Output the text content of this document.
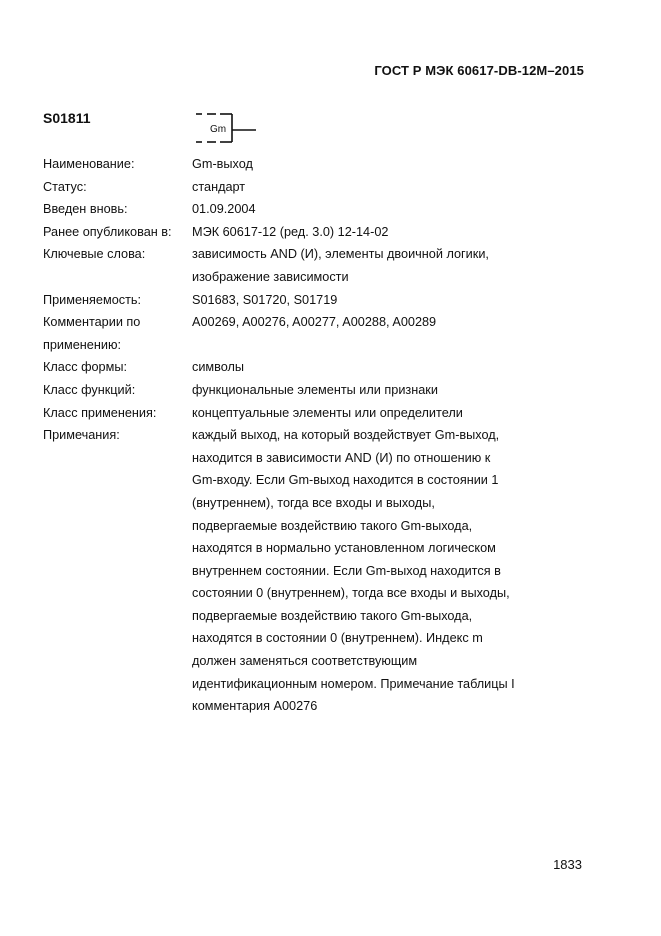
ГОСТ Р МЭК 60617-DB-12M–2015
S01811
Gm
Наименование:	Gm-выход
Статус:	стандарт
Введен вновь:	01.09.2004
Ранее опубликован в:	МЭК 60617-12 (ред. 3.0) 12-14-02
Ключевые слова:	зависимость AND (И), элементы двоичной логики,
изображение зависимости
Применяемость:	S01683, S01720, S01719
Комментарии по
применению:
A00269, A00276, A00277, A00288, A00289
Класс формы:	символы
Класс функций:	функциональные элементы или признаки
Класс применения:	концептуальные элементы или определители
Примечания:	каждый выход, на который воздействует Gm-выход,
находится в зависимости AND (И) по отношению к
Gm-входу. Если Gm-выход находится в состоянии 1
(внутреннем), тогда все входы и выходы,
подвергаемые воздействию такого Gm-выхода,
находятся в нормально установленном логическом
внутреннем состоянии. Если Gm-выход находится в
состоянии 0 (внутреннем), тогда все входы и выходы,
подвергаемые воздействию такого Gm-выхода,
находятся в состоянии 0 (внутреннем). Индекс m
должен заменяться соответствующим
идентификационным номером. Примечание таблицы I
комментария A00276
1833
